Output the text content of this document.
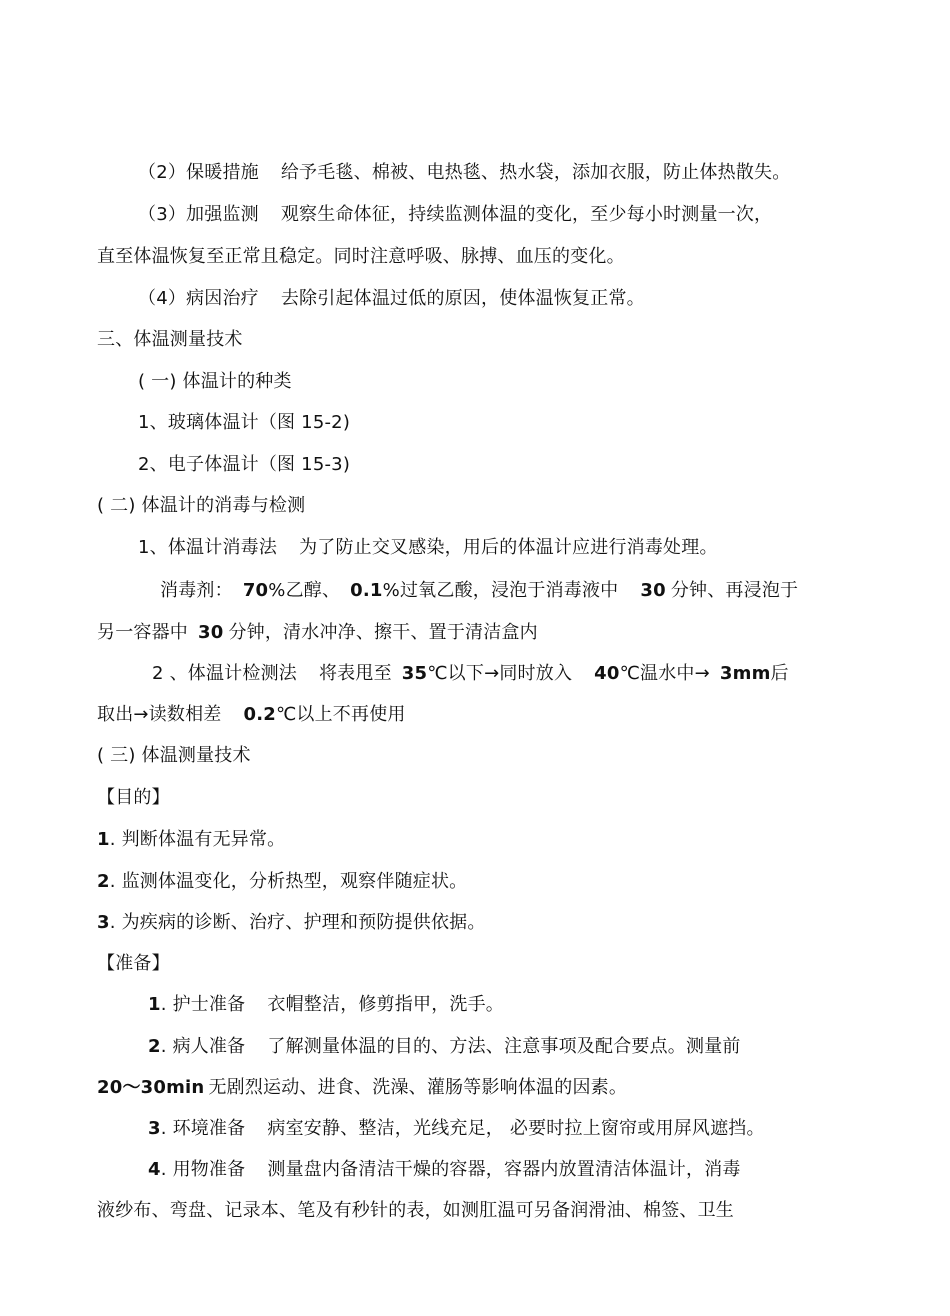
（2）保暖措施 给予毛毯、棉被、电热毯、热水袋，添加衣服，防止体热散失。
（3）加强监测 观察生命体征，持续监测体温的变化，至少每小时测量一次，
直至体温恢复至正常且稳定。同时注意呼吸、脉搏、血压的变化。
（4）病因治疗 去除引起体温过低的原因，使体温恢复正常。
三、体温测量技术
( 一) 体温计的种类
1、玻璃体温计（图 15-2)
2、电子体温计（图 15-3)
( 二) 体温计的消毒与检测
1、体温计消毒法 为了防止交叉感染，用后的体温计应进行消毒处理。
消毒剂： 70%乙醇、 0.1%过氧乙酸，浸泡于消毒液中 30 分钟、再浸泡于
另一容器中 30 分钟，清水冲净、擦干、置于清洁盒内
2 、体温计检测法 将表甩至 35℃以下→同时放入 40℃温水中→ 3mm后
取出→读数相差 0.2℃以上不再使用
( 三) 体温测量技术
【目的】
1. 判断体温有无异常。
2. 监测体温变化，分析热型，观察伴随症状。
3. 为疾病的诊断、治疗、护理和预防提供依据。
【准备】
1. 护士准备 衣帽整洁，修剪指甲，洗手。
2. 病人准备 了解测量体温的目的、方法、注意事项及配合要点。测量前
20～30min 无剧烈运动、进食、洗澡、灌肠等影响体温的因素。
3. 环境准备 病室安静、整洁，光线充足， 必要时拉上窗帘或用屏风遮挡。
4. 用物准备 测量盘内备清洁干燥的容器，容器内放置清洁体温计，消毒
液纱布、弯盘、记录本、笔及有秒针的表，如测肛温可另备润滑油、棉签、卫生
